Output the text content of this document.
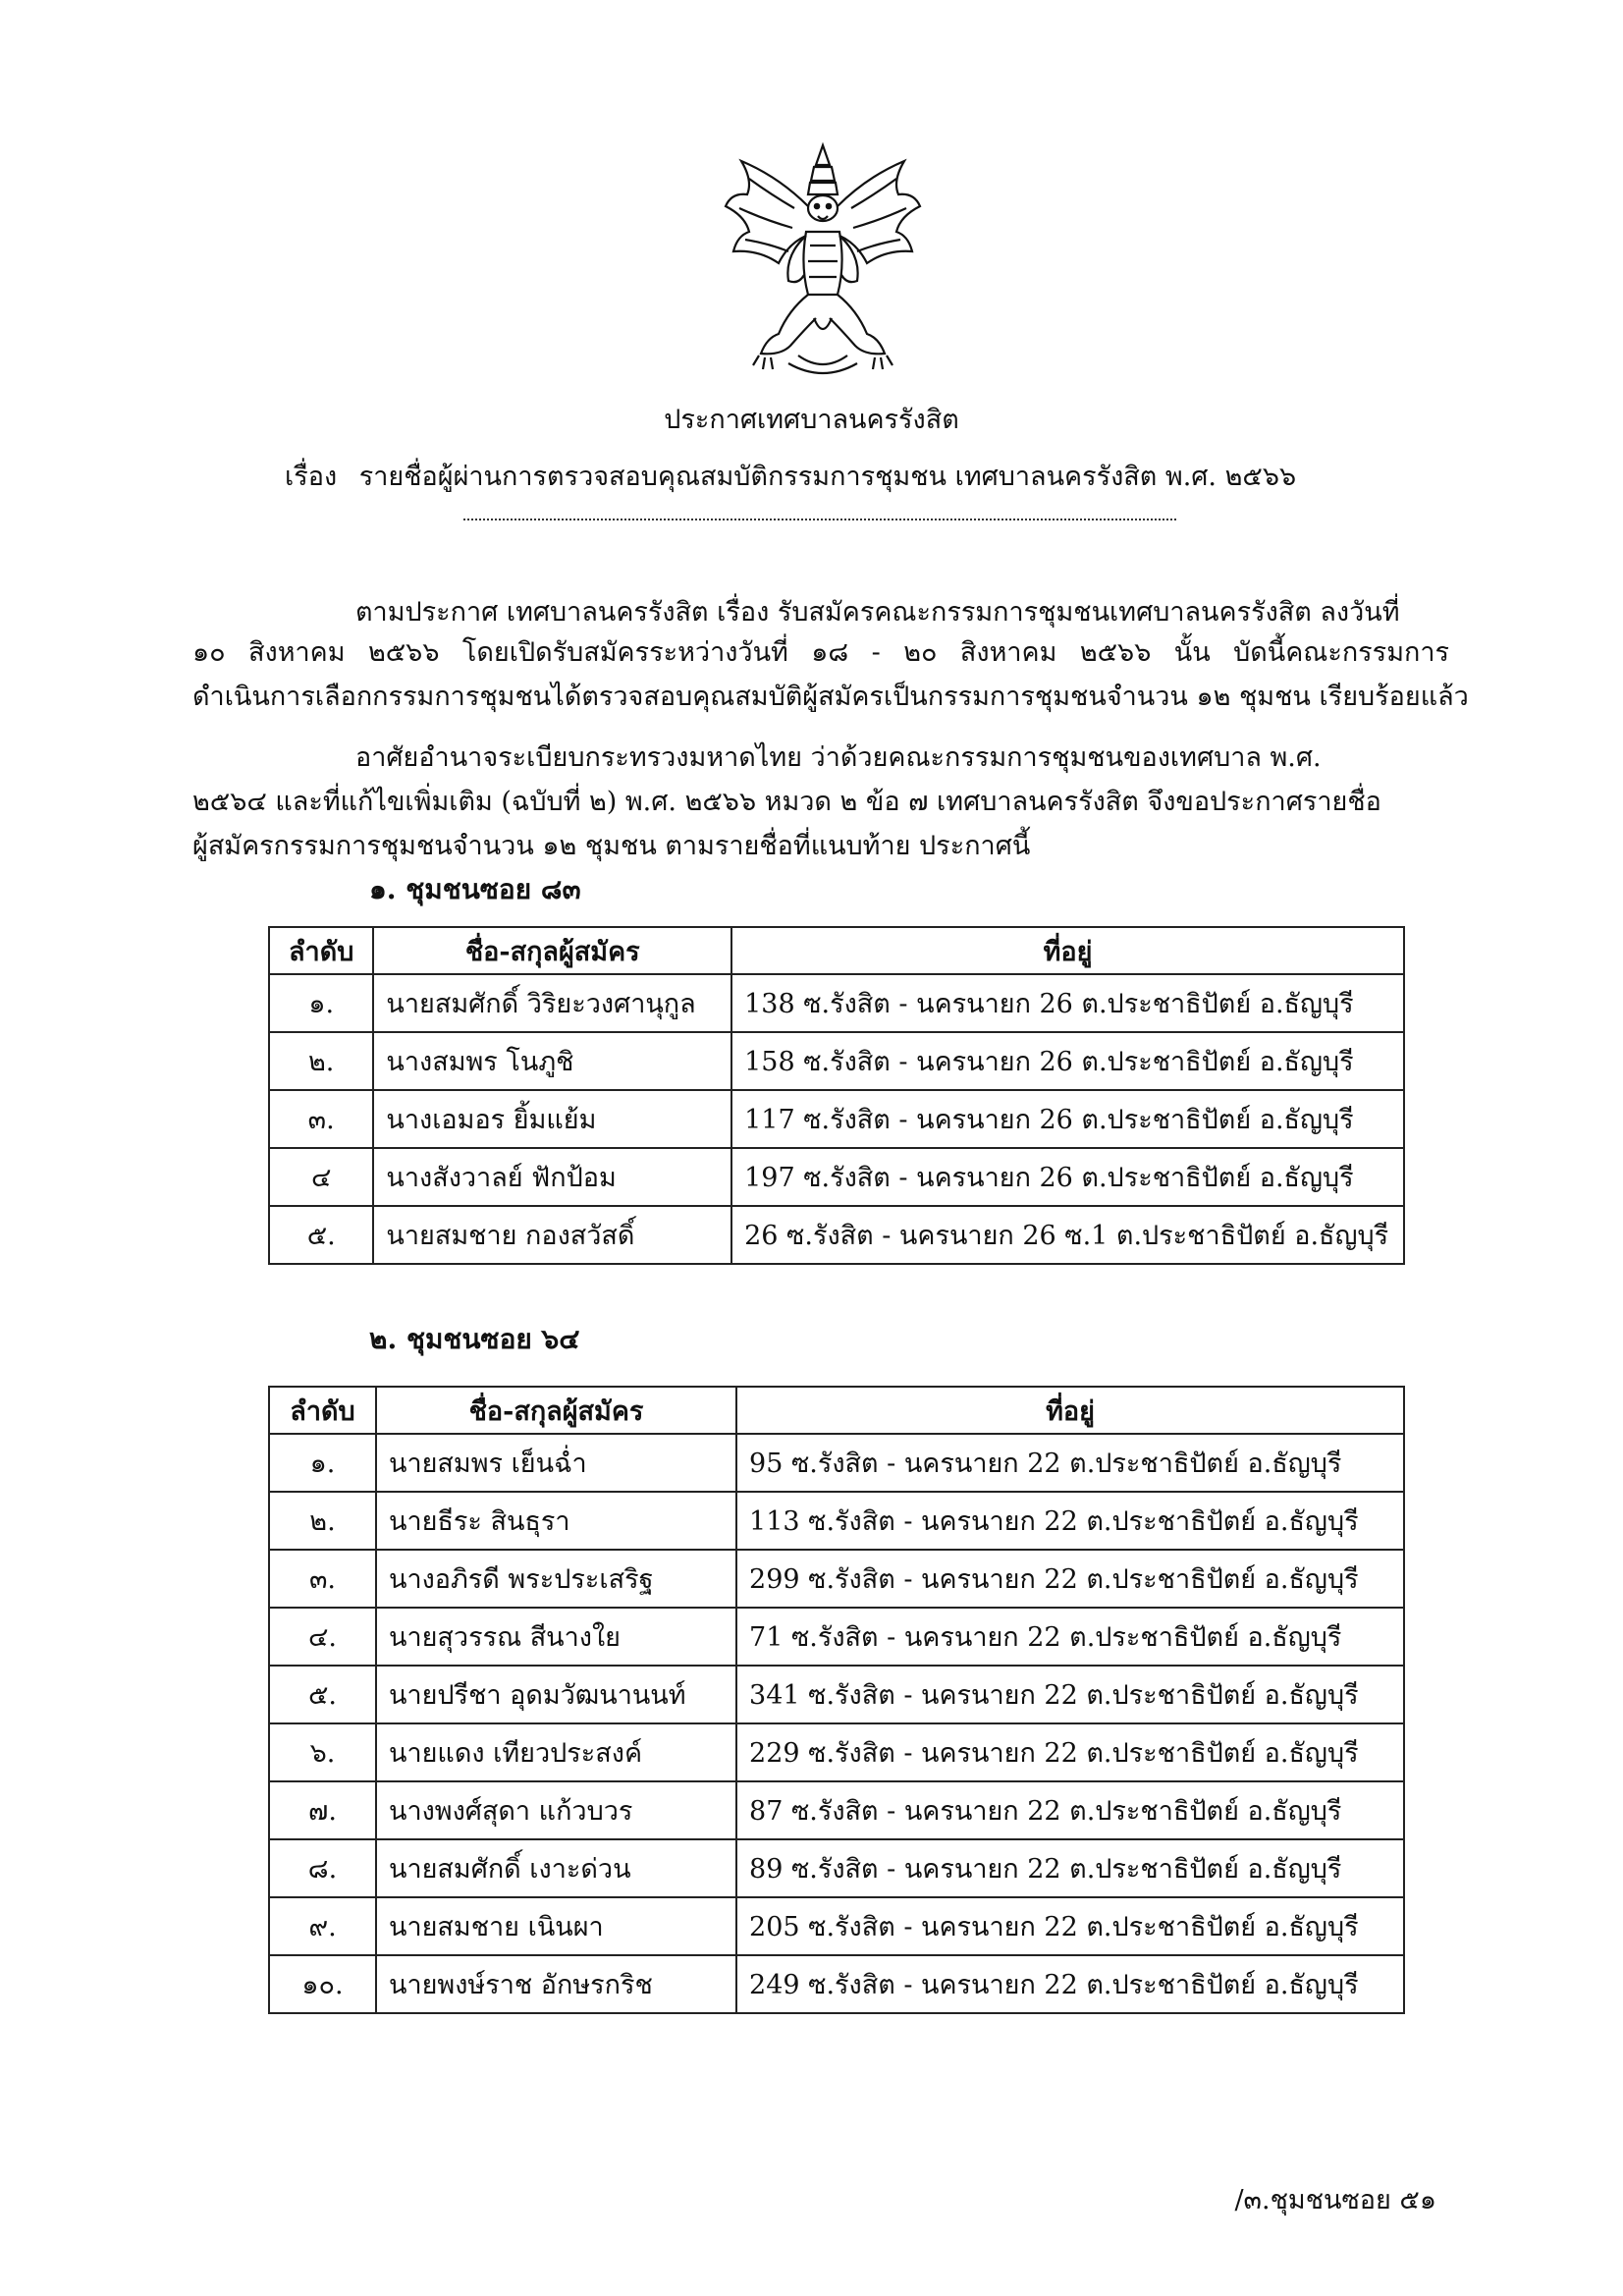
ประกาศเทศบาลนครรังสิต
เรื่อง รายชื่อผู้ผ่านการตรวจสอบคุณสมบัติกรรมการชุมชน เทศบาลนครรังสิต พ.ศ. ๒๕๖๖
ตามประกาศ เทศบาลนครรังสิต เรื่อง รับสมัครคณะกรรมการชุมชนเทศบาลนครรังสิต ลงวันที่
๑๐ สิงหาคม ๒๕๖๖ โดยเปิดรับสมัครระหว่างวันที่ ๑๘ - ๒๐ สิงหาคม ๒๕๖๖ นั้น บัดนี้คณะกรรมการ
ดำเนินการเลือกกรรมการชุมชนได้ตรวจสอบคุณสมบัติผู้สมัครเป็นกรรมการชุมชนจำนวน ๑๒ ชุมชน เรียบร้อยแล้ว
อาศัยอำนาจระเบียบกระทรวงมหาดไทย ว่าด้วยคณะกรรมการชุมชนของเทศบาล พ.ศ.
๒๕๖๔ และที่แก้ไขเพิ่มเติม (ฉบับที่ ๒) พ.ศ. ๒๕๖๖ หมวด ๒ ข้อ ๗ เทศบาลนครรังสิต จึงขอประกาศรายชื่อ
ผู้สมัครกรรมการชุมชนจำนวน ๑๒ ชุมชน ตามรายชื่อที่แนบท้าย ประกาศนี้
๑. ชุมชนซอย ๘๓
ลำดับ	ชื่อ-สกุลผู้สมัคร	ที่อยู่
๑.	นายสมศักดิ์ วิริยะวงศานุกูล	138 ซ.รังสิต - นครนายก 26 ต.ประชาธิปัตย์ อ.ธัญบุรี
๒.	นางสมพร โนภูชิ	158 ซ.รังสิต - นครนายก 26 ต.ประชาธิปัตย์ อ.ธัญบุรี
๓.	นางเอมอร ยิ้มแย้ม	117 ซ.รังสิต - นครนายก 26 ต.ประชาธิปัตย์ อ.ธัญบุรี
๔	นางสังวาลย์ ฟักป้อม	197 ซ.รังสิต - นครนายก 26 ต.ประชาธิปัตย์ อ.ธัญบุรี
๕.	นายสมชาย กองสวัสดิ์	26 ซ.รังสิต - นครนายก 26 ซ.1 ต.ประชาธิปัตย์ อ.ธัญบุรี
๒. ชุมชนซอย ๖๔
ลำดับ	ชื่อ-สกุลผู้สมัคร	ที่อยู่
๑.	นายสมพร เย็นฉ่ำ	95 ซ.รังสิต - นครนายก 22 ต.ประชาธิปัตย์ อ.ธัญบุรี
๒.	นายธีระ สินธุรา	113 ซ.รังสิต - นครนายก 22 ต.ประชาธิปัตย์ อ.ธัญบุรี
๓.	นางอภิรดี พระประเสริฐ	299 ซ.รังสิต - นครนายก 22 ต.ประชาธิปัตย์ อ.ธัญบุรี
๔.	นายสุวรรณ สีนางใย	71 ซ.รังสิต - นครนายก 22 ต.ประชาธิปัตย์ อ.ธัญบุรี
๕.	นายปรีชา อุดมวัฒนานนท์	341 ซ.รังสิต - นครนายก 22 ต.ประชาธิปัตย์ อ.ธัญบุรี
๖.	นายแดง เทียวประสงค์	229 ซ.รังสิต - นครนายก 22 ต.ประชาธิปัตย์ อ.ธัญบุรี
๗.	นางพงศ์สุดา แก้วบวร	87 ซ.รังสิต - นครนายก 22 ต.ประชาธิปัตย์ อ.ธัญบุรี
๘.	นายสมศักดิ์ เงาะด่วน	89 ซ.รังสิต - นครนายก 22 ต.ประชาธิปัตย์ อ.ธัญบุรี
๙.	นายสมชาย เนินผา	205 ซ.รังสิต - นครนายก 22 ต.ประชาธิปัตย์ อ.ธัญบุรี
๑๐.	นายพงษ์ราช อักษรกริช	249 ซ.รังสิต - นครนายก 22 ต.ประชาธิปัตย์ อ.ธัญบุรี
/๓.ชุมชนซอย ๕๑
